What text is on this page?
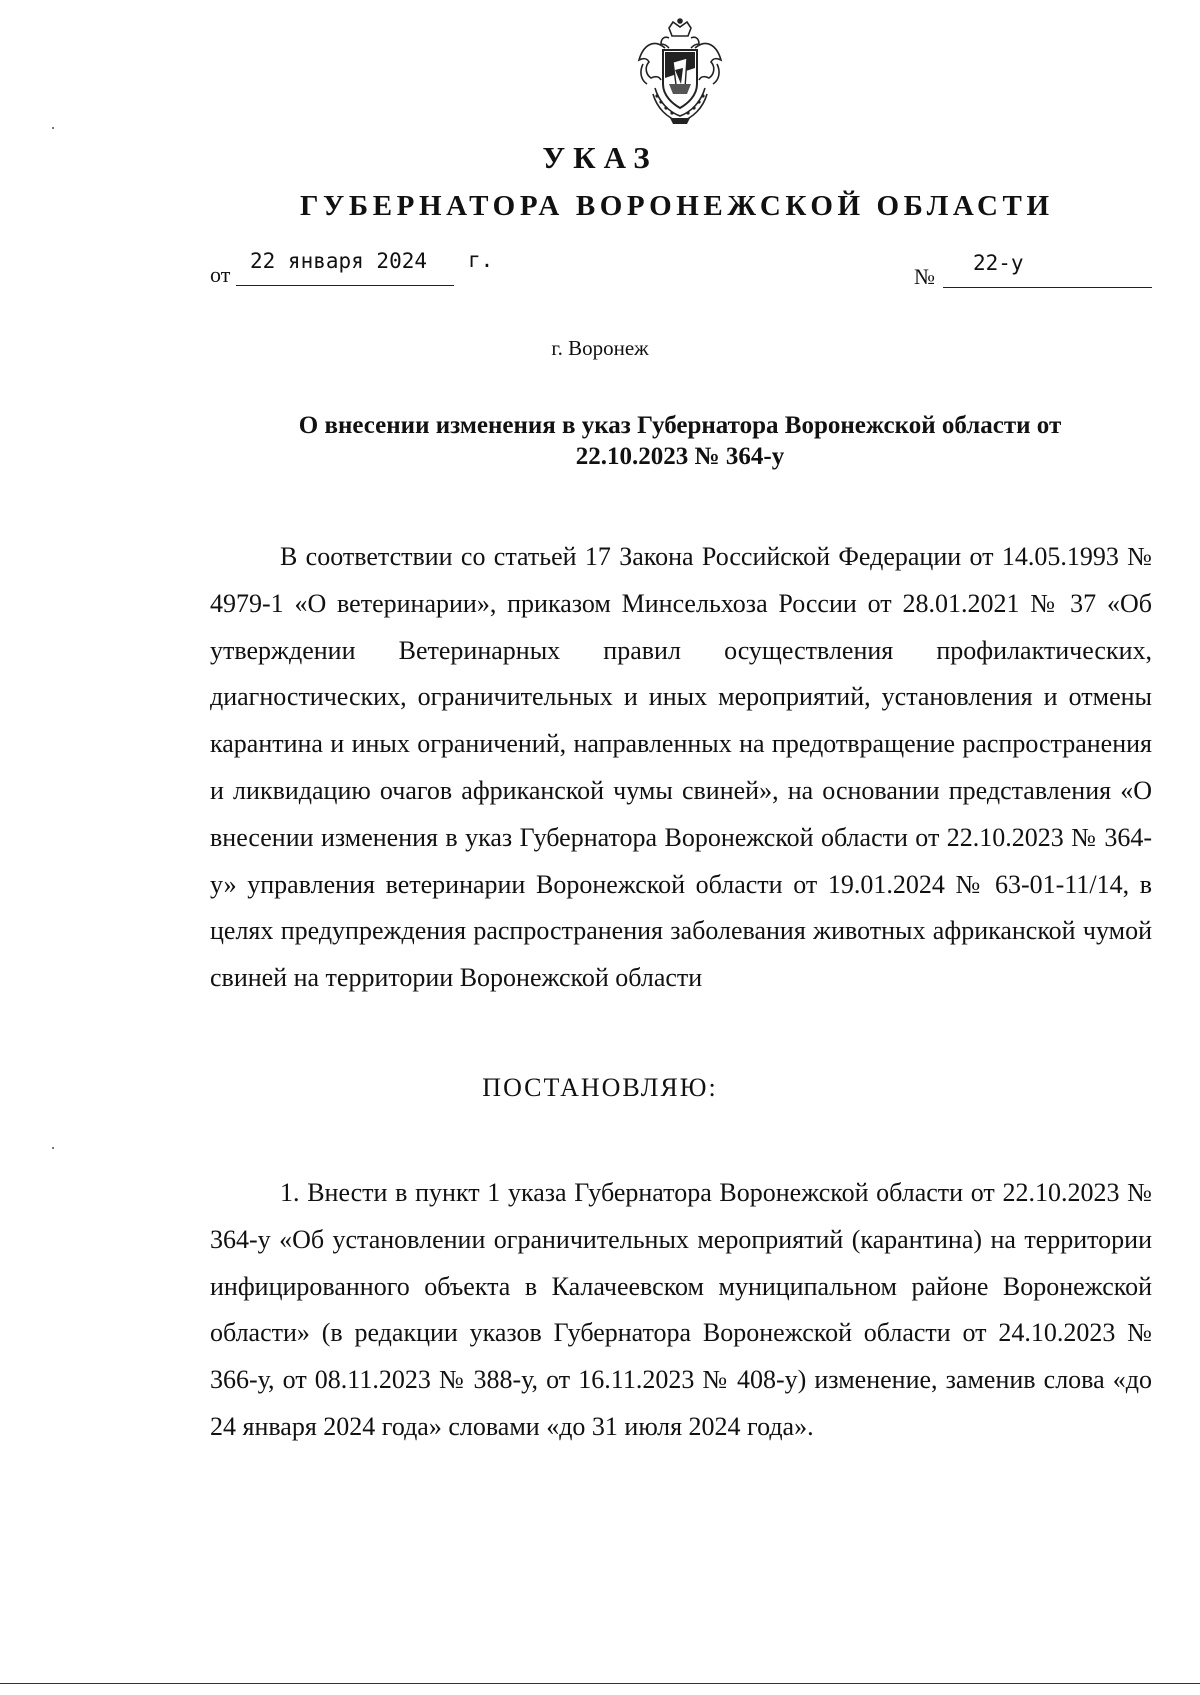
УКАЗ
ГУБЕРНАТОРА ВОРОНЕЖСКОЙ ОБЛАСТИ
от
22 января 2024	г.
№
22-у
г. Воронеж
О внесении изменения в указ Губернатора Воронежской области от
22.10.2023 № 364-у
В соответствии со статьей 17 Закона Российской Федерации от 14.05.1993 № 4979-1 «О ветеринарии», приказом Минсельхоза России от 28.01.2021 № 37 «Об утверждении Ветеринарных правил осуществления профилактических, диагностических, ограничительных и иных мероприятий, установления и отмены карантина и иных ограничений, направленных на предотвращение распространения и ликвидацию очагов африканской чумы свиней», на основании представления «О внесении изменения в указ Губернатора Воронежской области от 22.10.2023 № 364-у» управления ветеринарии Воронежской области от 19.01.2024 № 63-01-11/14, в целях предупреждения распространения заболевания животных африканской чумой свиней на территории Воронежской области
ПОСТАНОВЛЯЮ:
1. Внести в пункт 1 указа Губернатора Воронежской области от 22.10.2023 № 364-у «Об установлении ограничительных мероприятий (карантина) на территории инфицированного объекта в Калачеевском муниципальном районе Воронежской области» (в редакции указов Губернатора Воронежской области от 24.10.2023 № 366-у, от 08.11.2023 № 388-у, от 16.11.2023 № 408-у) изменение, заменив слова «до 24 января 2024 года» словами «до 31 июля 2024 года».
